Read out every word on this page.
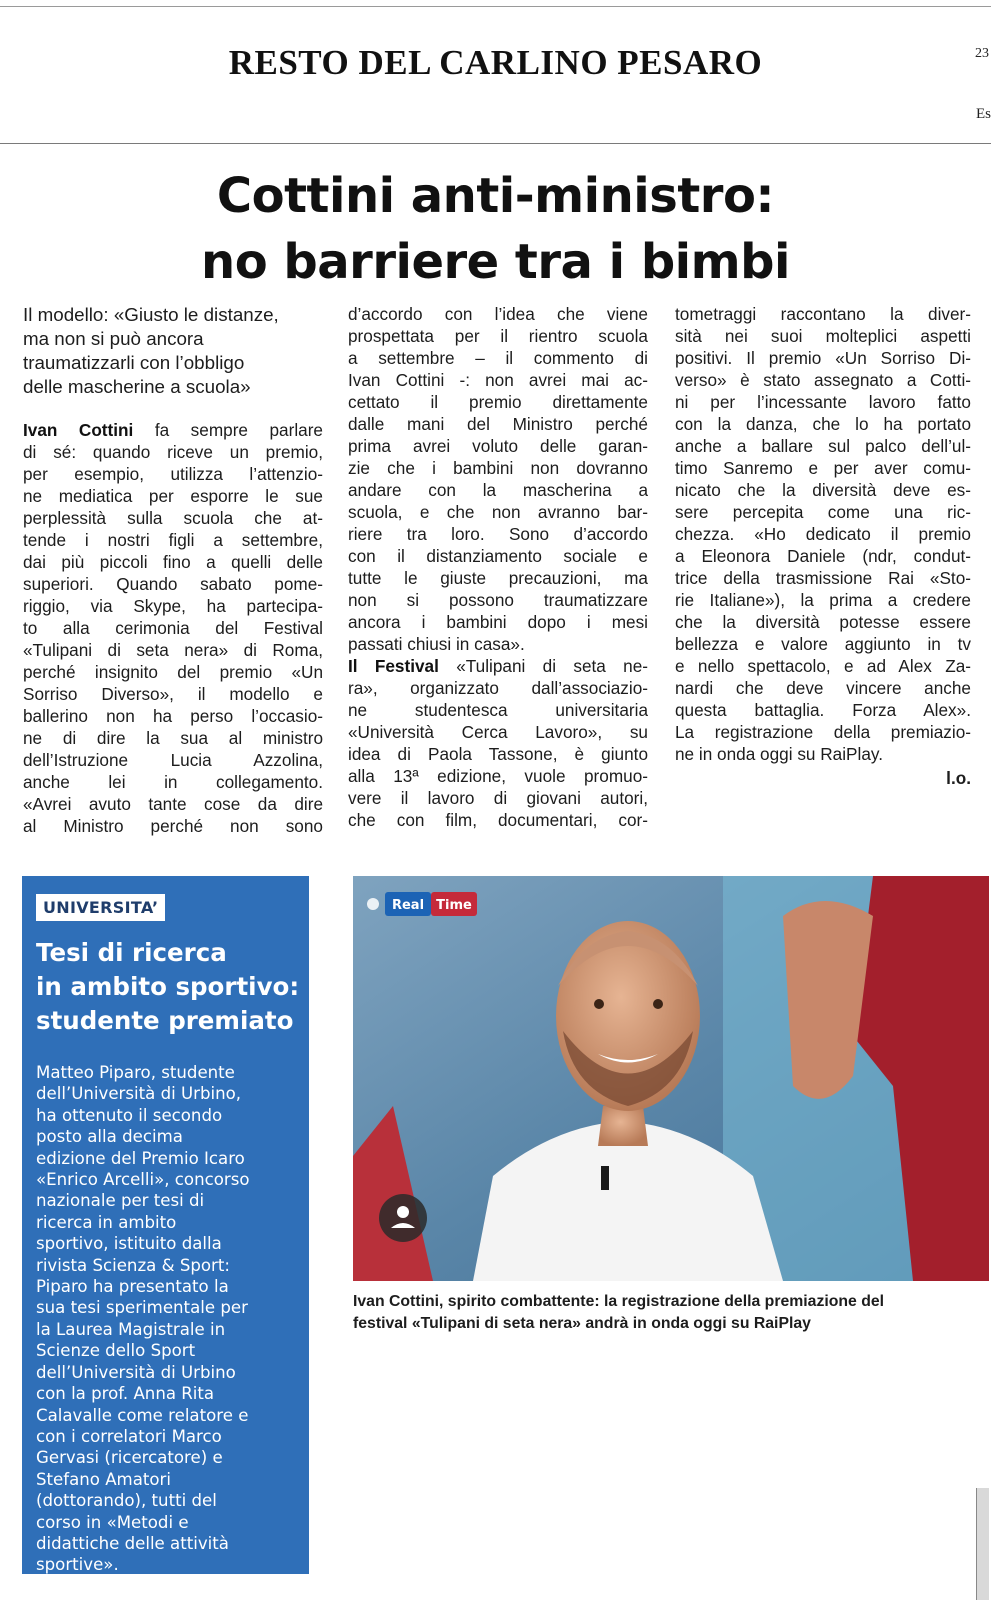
RESTO DEL CARLINO PESARO	23
Es
Cottini anti-ministro:
no barriere tra i bimbi
Il modello: «Giusto le distanze,
ma non si può ancora
traumatizzarli con l’obbligo
delle mascherine a scuola»
Ivan Cottini fa sempre parlare
di sé: quando riceve un premio,
per esempio, utilizza l’attenzio-
ne mediatica per esporre le sue
perplessità sulla scuola che at-
tende i nostri figli a settembre,
dai più piccoli fino a quelli delle
superiori. Quando sabato pome-
riggio, via Skype, ha partecipa-
to alla cerimonia del Festival
«Tulipani di seta nera» di Roma,
perché insignito del premio «Un
Sorriso Diverso», il modello e
ballerino non ha perso l’occasio-
ne di dire la sua al ministro
dell’Istruzione Lucia Azzolina,
anche lei in collegamento.
«Avrei avuto tante cose da dire
al Ministro perché non sono
d’accordo con l’idea che viene
prospettata per il rientro scuola
a settembre – il commento di
Ivan Cottini -: non avrei mai ac-
cettato il premio direttamente
dalle mani del Ministro perché
prima avrei voluto delle garan-
zie che i bambini non dovranno
andare con la mascherina a
scuola, e che non avranno bar-
riere tra loro. Sono d’accordo
con il distanziamento sociale e
tutte le giuste precauzioni, ma
non si possono traumatizzare
ancora i bambini dopo i mesi
passati chiusi in casa».
Il Festival «Tulipani di seta ne-
ra», organizzato dall’associazio-
ne studentesca universitaria
«Università Cerca Lavoro», su
idea di Paola Tassone, è giunto
alla 13ª edizione, vuole promuo-
vere il lavoro di giovani autori,
che con film, documentari, cor-
tometraggi raccontano la diver-
sità nei suoi molteplici aspetti
positivi. Il premio «Un Sorriso Di-
verso» è stato assegnato a Cotti-
ni per l’incessante lavoro fatto
con la danza, che lo ha portato
anche a ballare sul palco dell’ul-
timo Sanremo e per aver comu-
nicato che la diversità deve es-
sere percepita come una ric-
chezza. «Ho dedicato il premio
a Eleonora Daniele (ndr, condut-
trice della trasmissione Rai «Sto-
rie Italiane»), la prima a credere
che la diversità potesse essere
bellezza e valore aggiunto in tv
e nello spettacolo, e ad Alex Za-
nardi che deve vincere anche
questa battaglia. Forza Alex».
La registrazione della premiazio-
ne in onda oggi su RaiPlay.
l.o.
UNIVERSITA’
Tesi di ricerca
in ambito sportivo:
studente premiato
Matteo Piparo, studente
dell’Università di Urbino,
ha ottenuto il secondo
posto alla decima
edizione del Premio Icaro
«Enrico Arcelli», concorso
nazionale per tesi di
ricerca in ambito
sportivo, istituito dalla
rivista Scienza & Sport:
Piparo ha presentato la
sua tesi sperimentale per
la Laurea Magistrale in
Scienze dello Sport
dell’Università di Urbino
con la prof. Anna Rita
Calavalle come relatore e
con i correlatori Marco
Gervasi (ricercatore) e
Stefano Amatori
(dottorando), tutti del
corso in «Metodi e
didattiche delle attività
sportive».
Real Time
Ivan Cottini, spirito combattente: la registrazione della premiazione del
festival «Tulipani di seta nera» andrà in onda oggi su RaiPlay
